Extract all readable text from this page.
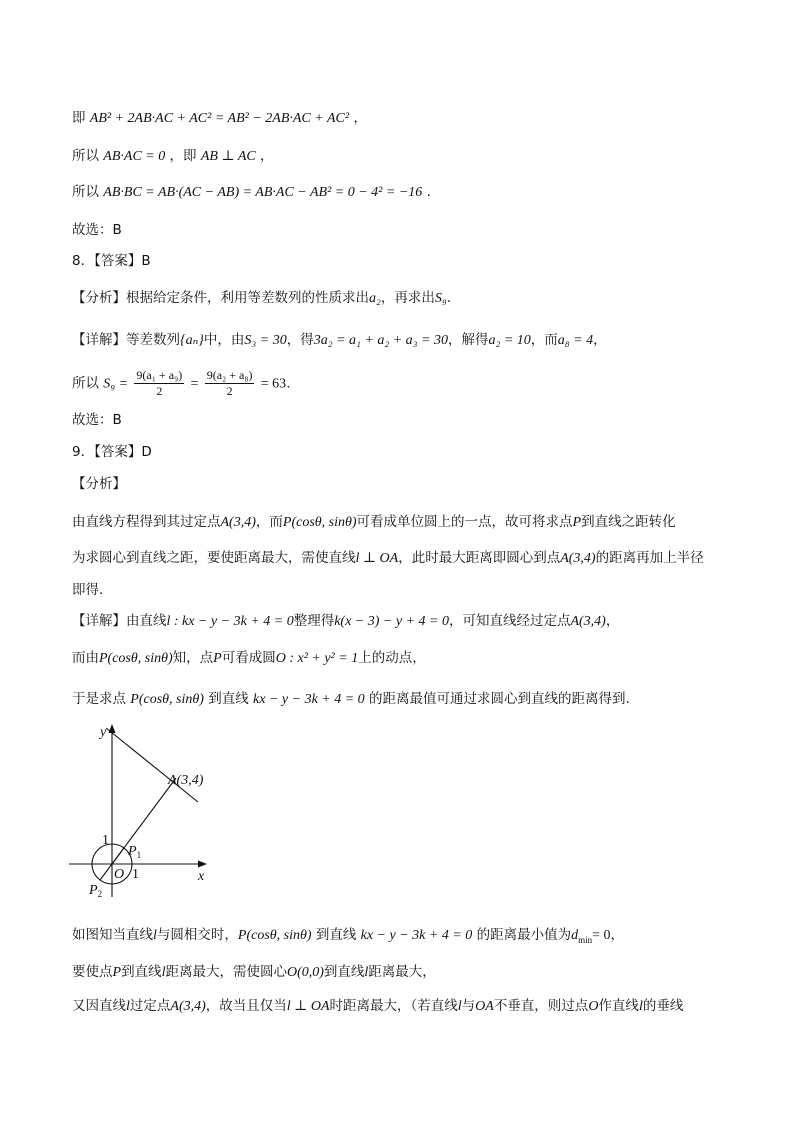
即 AB² + 2AB·AC + AC² = AB² − 2AB·AC + AC² ，
所以 AB·AC = 0 ，即 AB ⊥ AC ，
所以 AB·BC = AB·(AC − AB) = AB·AC − AB² = 0 − 4² = −16 .
故选：B
8．【答案】B
【分析】根据给定条件，利用等差数列的性质求出a₂，再求出S₉.
【详解】等差数列{aₙ}中，由S₃ = 30，得3a₂ = a₁ + a₂ + a₃ = 30，解得a₂ = 10，而a₈ = 4，
所以 $S_9 = \frac{\text{9(a₁ + a₉)}}{2} = \frac{\text{9(a₂ + a₈)}}{2} = 63$.
故选：B
9．【答案】D
【分析】
由直线方程得到其过定点A(3,4)，而P(cosθ, sinθ)可看成单位圆上的一点，故可将求点P到直线之距转化
为求圆心到直线之距，要使距离最大，需使直线l ⊥ OA，此时最大距离即圆心到点A(3,4)的距离再加上半径
即得.
【详解】由直线l : kx − y − 3k + 4 = 0整理得k(x − 3) − y + 4 = 0，可知直线经过定点A(3,4)，
而由P(cosθ, sinθ)知，点P可看成圆O : x² + y² = 1上的动点，
于是求点 P(cosθ, sinθ) 到直线 kx − y − 3k + 4 = 0 的距离最值可通过求圆心到直线的距离得到.
y
x
A(3,4)
1
1
O
$P_1$
$P_2$
如图知当直线l与圆相交时，P(cosθ, sinθ) 到直线 kx − y − 3k + 4 = 0 的距离最小值为$d_{min}= 0$，
要使点P到直线l距离最大，需使圆心O(0,0)到直线l距离最大，
又因直线l过定点A(3,4)，故当且仅当l ⊥ OA时距离最大，（若直线l与OA不垂直，则过点O作直线l的垂线
